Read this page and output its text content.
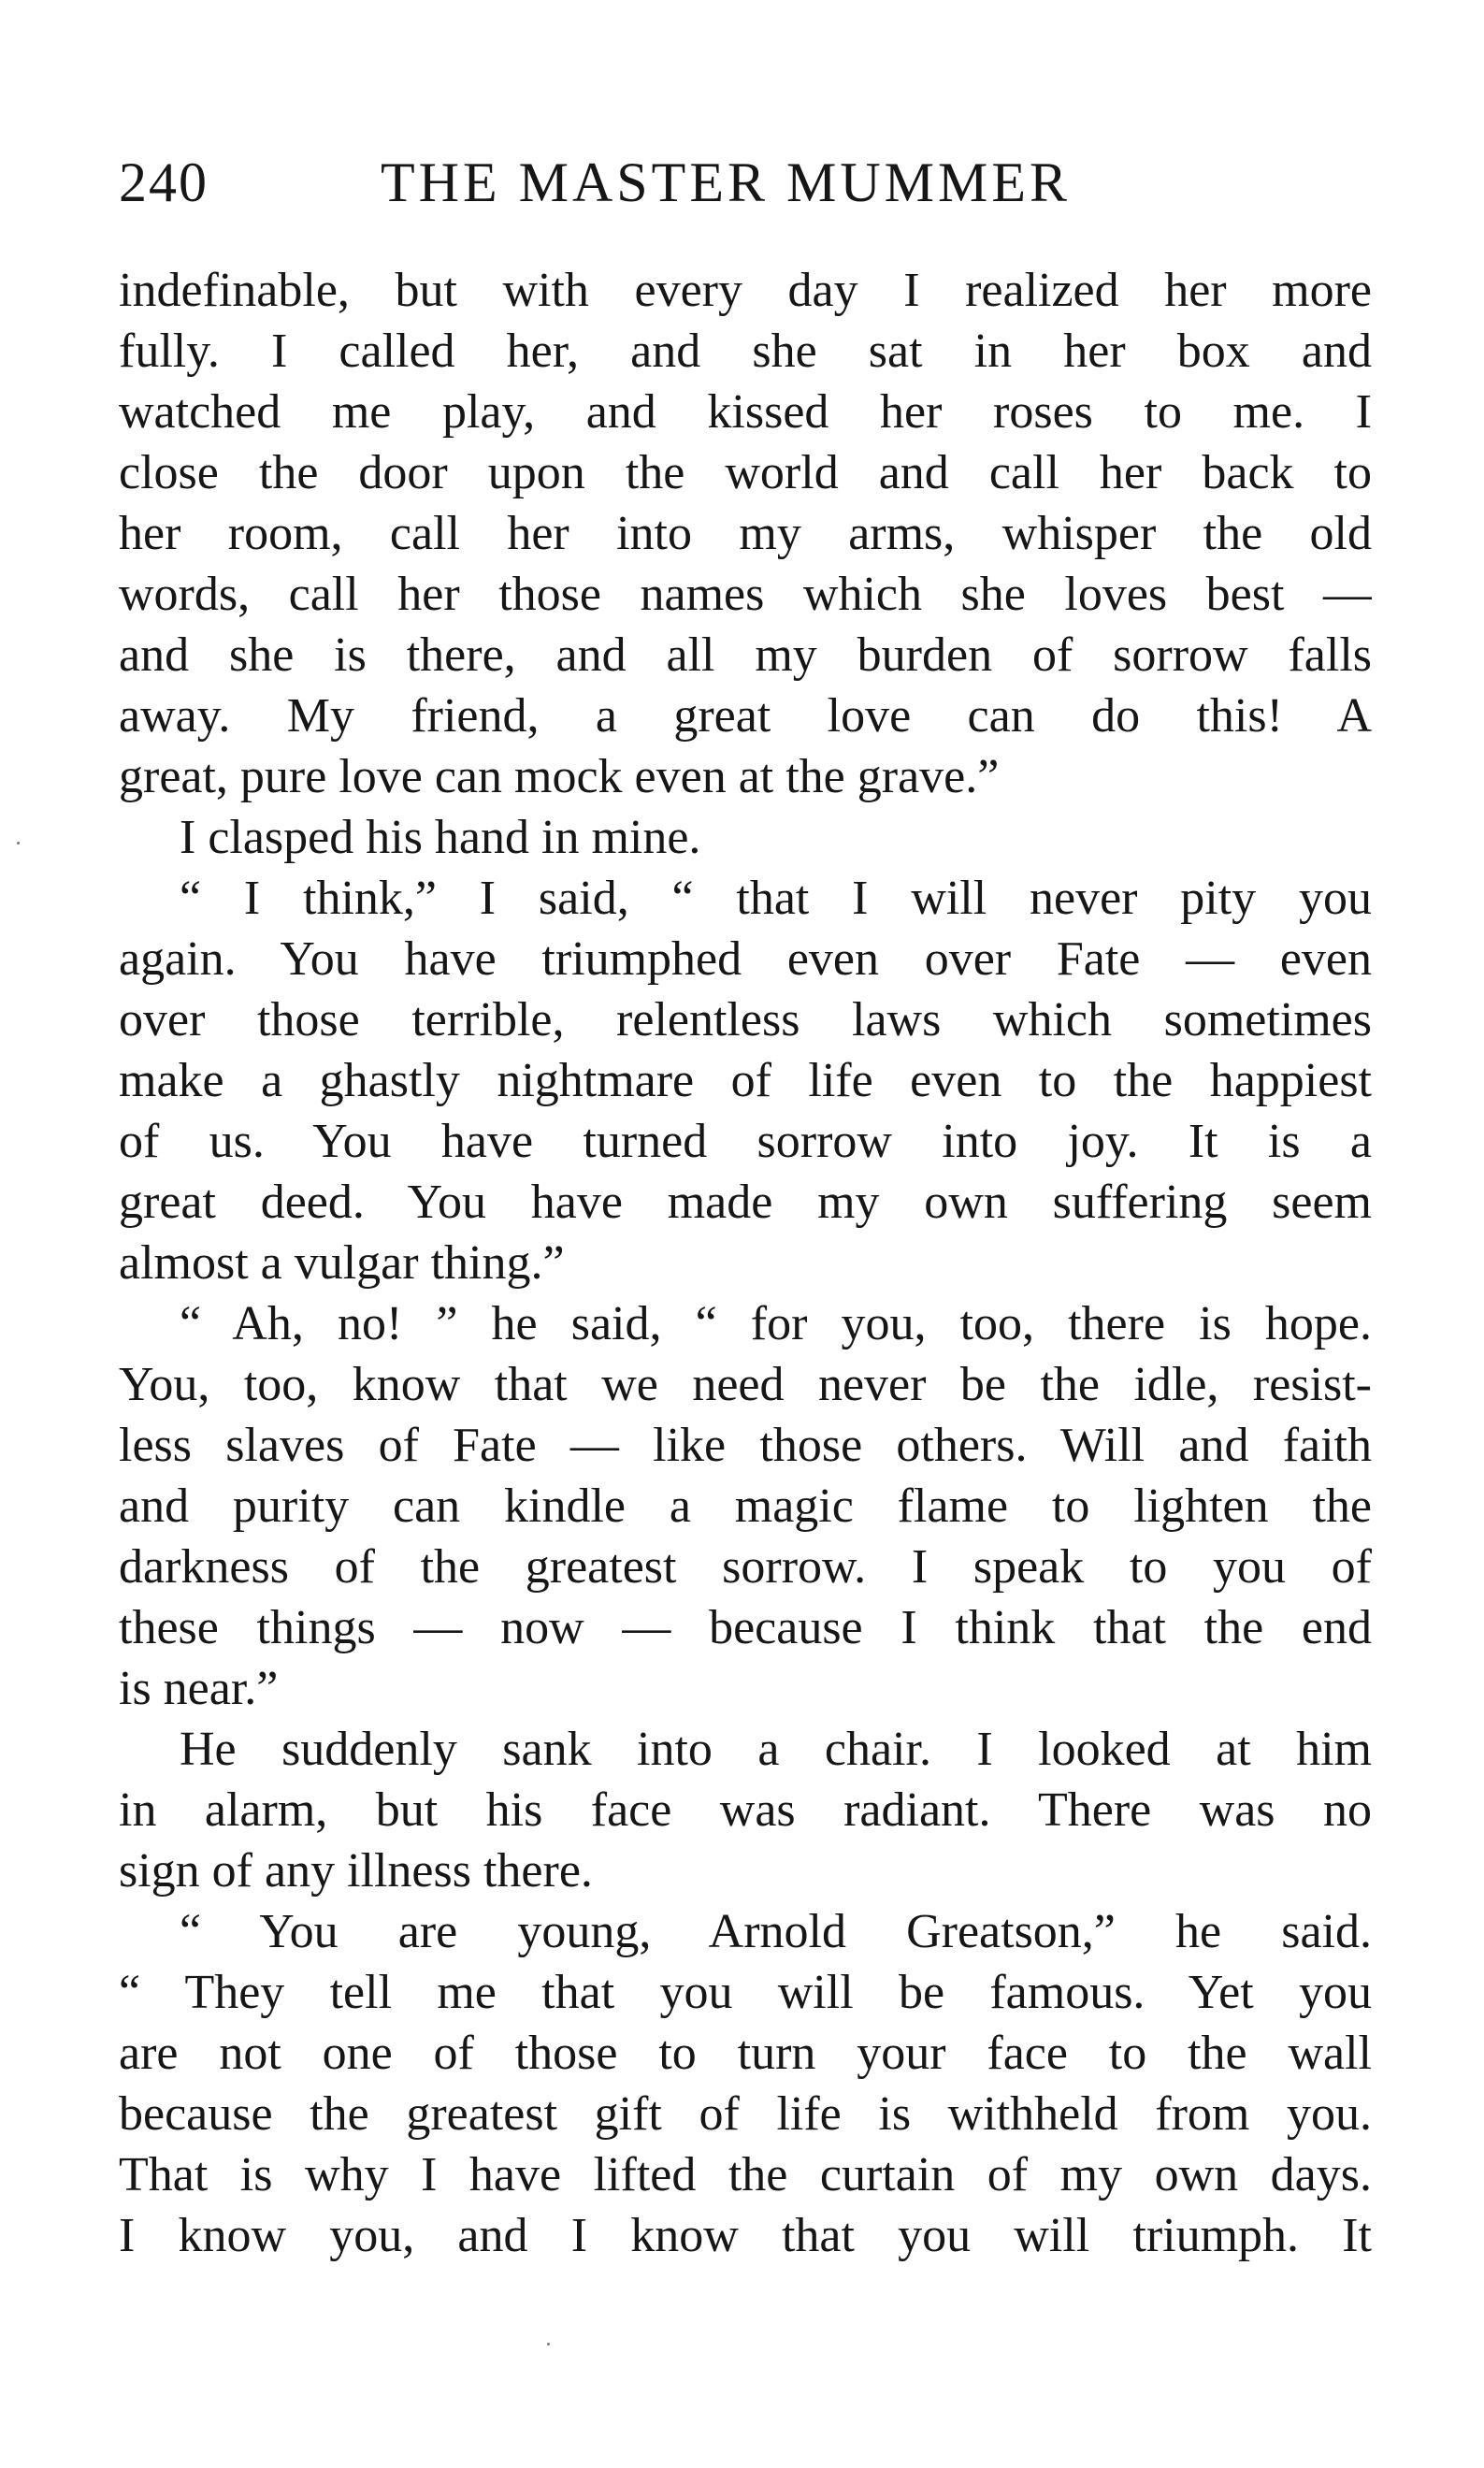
240	THE MASTER MUMMER
indefinable, but with every day I realized her more
fully. I called her, and she sat in her box and
watched me play, and kissed her roses to me. I
close the door upon the world and call her back to
her room, call her into my arms, whisper the old
words, call her those names which she loves best —
and she is there, and all my burden of sorrow falls
away. My friend, a great love can do this! A
great, pure love can mock even at the grave.”
I clasped his hand in mine.
“ I think,” I said, “ that I will never pity you
again. You have triumphed even over Fate — even
over those terrible, relentless laws which sometimes
make a ghastly nightmare of life even to the happiest
of us. You have turned sorrow into joy. It is a
great deed. You have made my own suffering seem
almost a vulgar thing.”
“ Ah, no! ” he said, “ for you, too, there is hope.
You, too, know that we need never be the idle, resist-
less slaves of Fate — like those others. Will and faith
and purity can kindle a magic flame to lighten the
darkness of the greatest sorrow. I speak to you of
these things — now — because I think that the end
is near.”
He suddenly sank into a chair. I looked at him
in alarm, but his face was radiant. There was no
sign of any illness there.
“ You are young, Arnold Greatson,” he said.
“ They tell me that you will be famous. Yet you
are not one of those to turn your face to the wall
because the greatest gift of life is withheld from you.
That is why I have lifted the curtain of my own days.
I know you, and I know that you will triumph. It
